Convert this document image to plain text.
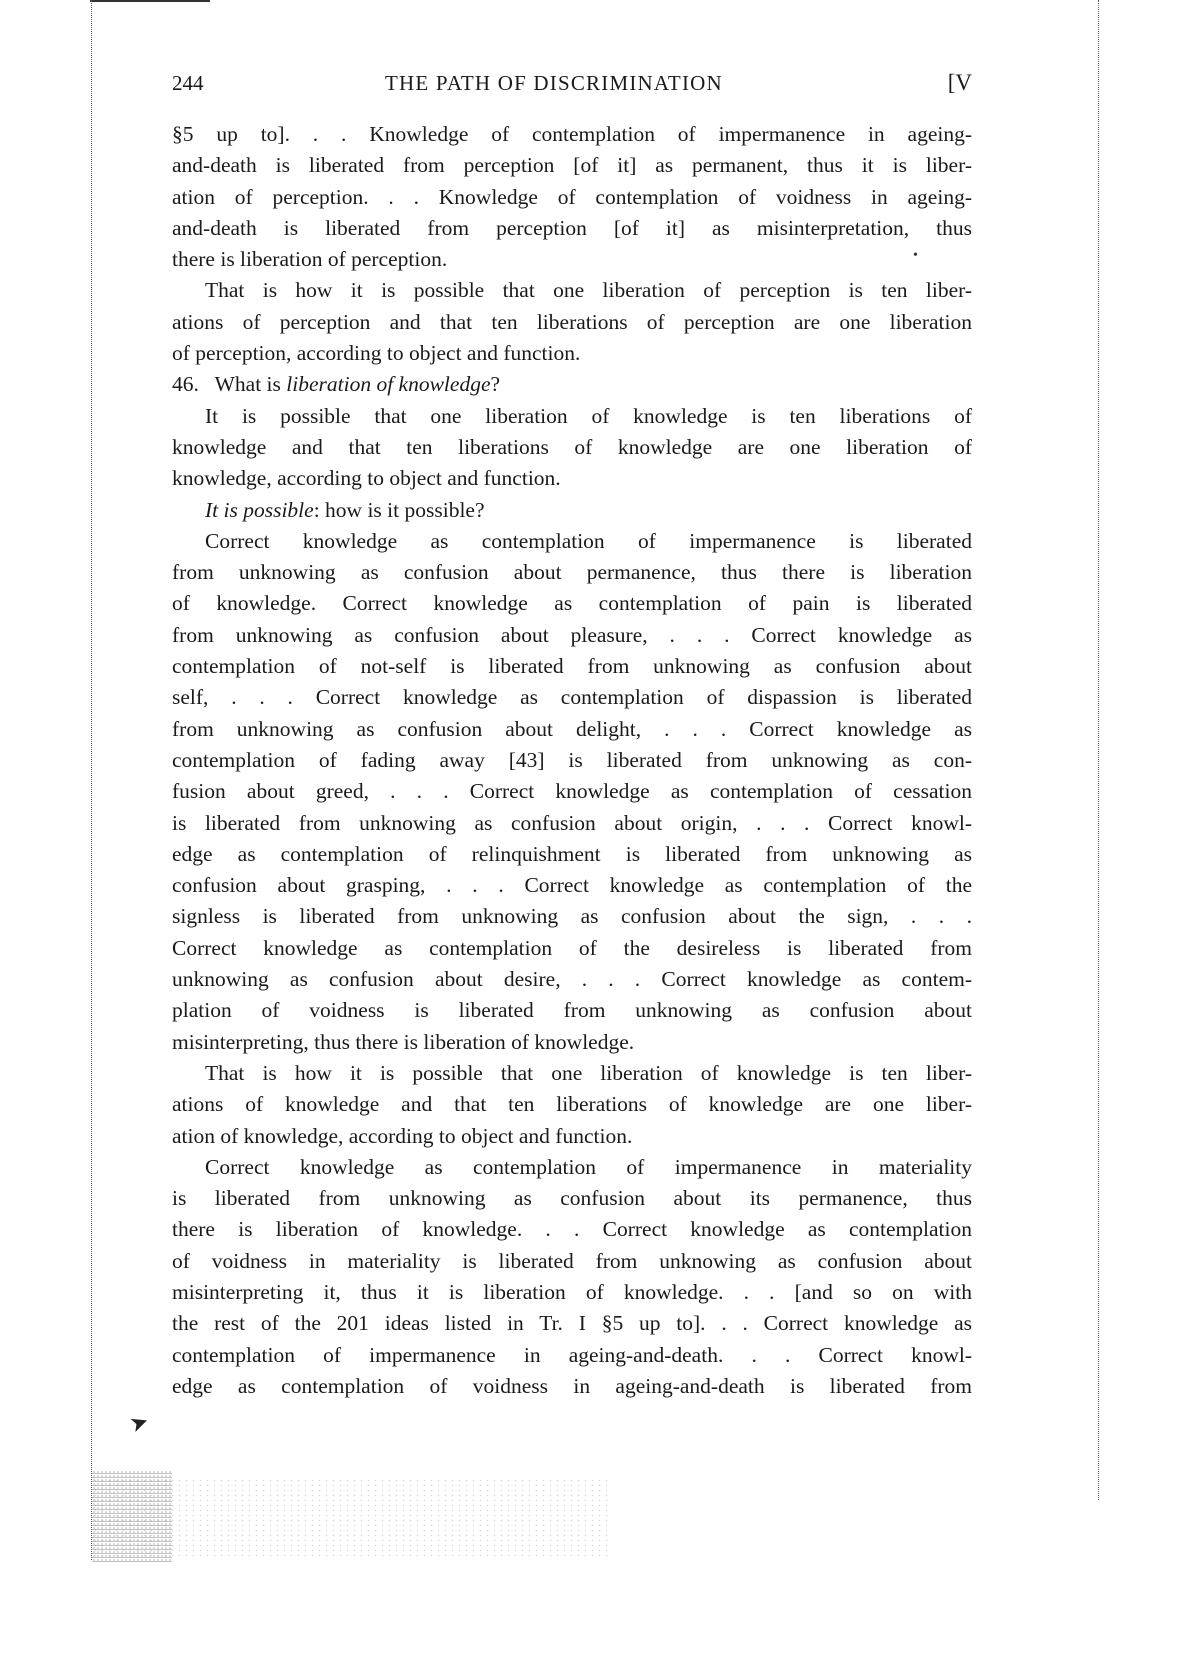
➤
•
244	THE PATH OF DISCRIMINATION	[V
§5 up to]. . . Knowledge of contemplation of impermanence in ageing-
and-death is liberated from perception [of it] as permanent, thus it is liber-
ation of perception. . . Knowledge of contemplation of voidness in ageing-
and-death is liberated from perception [of it] as misinterpretation, thus
there is liberation of perception.
That is how it is possible that one liberation of perception is ten liber-
ations of perception and that ten liberations of perception are one liberation
of perception, according to object and function.
46.   What is liberation of knowledge?
It is possible that one liberation of knowledge is ten liberations of
knowledge and that ten liberations of knowledge are one liberation of
knowledge, according to object and function.
It is possible: how is it possible?
Correct knowledge as contemplation of impermanence is liberated
from unknowing as confusion about permanence, thus there is liberation
of knowledge. Correct knowledge as contemplation of pain is liberated
from unknowing as confusion about pleasure, . . . Correct knowledge as
contemplation of not-self is liberated from unknowing as confusion about
self, . . . Correct knowledge as contemplation of dispassion is liberated
from unknowing as confusion about delight, . . . Correct knowledge as
contemplation of fading away [43] is liberated from unknowing as con-
fusion about greed, . . . Correct knowledge as contemplation of cessation
is liberated from unknowing as confusion about origin, . . . Correct knowl-
edge as contemplation of relinquishment is liberated from unknowing as
confusion about grasping, . . . Correct knowledge as contemplation of the
signless is liberated from unknowing as confusion about the sign, . . .
Correct knowledge as contemplation of the desireless is liberated from
unknowing as confusion about desire, . . . Correct knowledge as contem-
plation of voidness is liberated from unknowing as confusion about
misinterpreting, thus there is liberation of knowledge.
That is how it is possible that one liberation of knowledge is ten liber-
ations of knowledge and that ten liberations of knowledge are one liber-
ation of knowledge, according to object and function.
Correct knowledge as contemplation of impermanence in materiality
is liberated from unknowing as confusion about its permanence, thus
there is liberation of knowledge. . . Correct knowledge as contemplation
of voidness in materiality is liberated from unknowing as confusion about
misinterpreting it, thus it is liberation of knowledge. . . [and so on with
the rest of the 201 ideas listed in Tr. I §5 up to]. . . Correct knowledge as
contemplation of impermanence in ageing-and-death. . . Correct knowl-
edge as contemplation of voidness in ageing-and-death is liberated from
